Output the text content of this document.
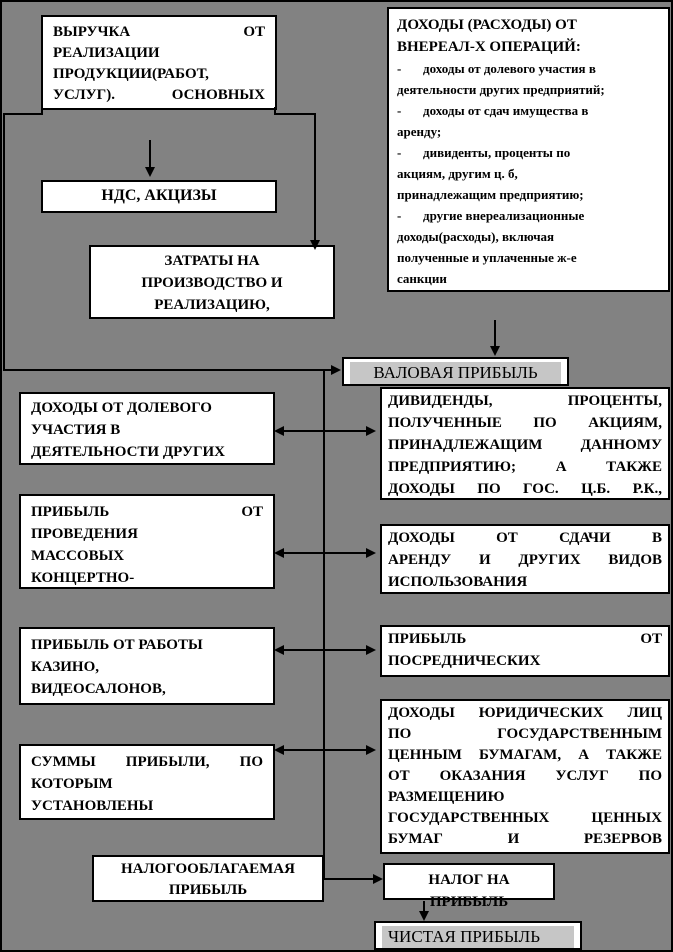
ВЫРУЧКА ОТ
РЕАЛИЗАЦИИ
ПРОДУКЦИИ(РАБОТ,
УСЛУГ). ОСНОВНЫХ
НДС, АКЦИЗЫ
ЗАТРАТЫ НА
ПРОИЗВОДСТВО И
РЕАЛИЗАЦИЮ,
ДОХОДЫ (РАСХОДЫ) ОТ
ВНЕРЕАЛ-Х ОПЕРАЦИЙ:
- доходы от долевого участия в
деятельности других предприятий;
- доходы от сдач имущества в
аренду;
- дивиденты, проценты по
акциям, другим ц. б,
принадлежащим предприятию;
- другие внереализационные
доходы(расходы), включая
полученные и уплаченные ж-е
санкции
ВАЛОВАЯ ПРИБЫЛЬ
ДОХОДЫ ОТ ДОЛЕВОГО
УЧАСТИЯ В
ДЕЯТЕЛЬНОСТИ ДРУГИХ
ПРИБЫЛЬ ОТ
ПРОВЕДЕНИЯ
МАССОВЫХ
КОНЦЕРТНО-
ПРИБЫЛЬ ОТ РАБОТЫ
КАЗИНО,
ВИДЕОСАЛОНОВ,
СУММЫ ПРИБЫЛИ, ПО
КОТОРЫМ
УСТАНОВЛЕНЫ
ДИВИДЕНДЫ, ПРОЦЕНТЫ,
ПОЛУЧЕННЫЕ ПО АКЦИЯМ,
ПРИНАДЛЕЖАЩИМ ДАННОМУ
ПРЕДПРИЯТИЮ; А ТАКЖЕ
ДОХОДЫ ПО ГОС. Ц.Б. Р.К.,
ДОХОДЫ ОТ СДАЧИ В
АРЕНДУ И ДРУГИХ ВИДОВ
ИСПОЛЬЗОВАНИЯ
ПРИБЫЛЬ ОТ
ПОСРЕДНИЧЕСКИХ
ДОХОДЫ ЮРИДИЧЕСКИХ ЛИЦ
ПО ГОСУДАРСТВЕННЫМ
ЦЕННЫМ БУМАГАМ, А ТАКЖЕ
ОТ ОКАЗАНИЯ УСЛУГ ПО
РАЗМЕЩЕНИЮ
ГОСУДАРСТВЕННЫХ ЦЕННЫХ
БУМАГ И РЕЗЕРВОВ
НАЛОГООБЛАГАЕМАЯ
ПРИБЫЛЬ
НАЛОГ НА
ПРИБЫЛЬ
ЧИСТАЯ ПРИБЫЛЬ
